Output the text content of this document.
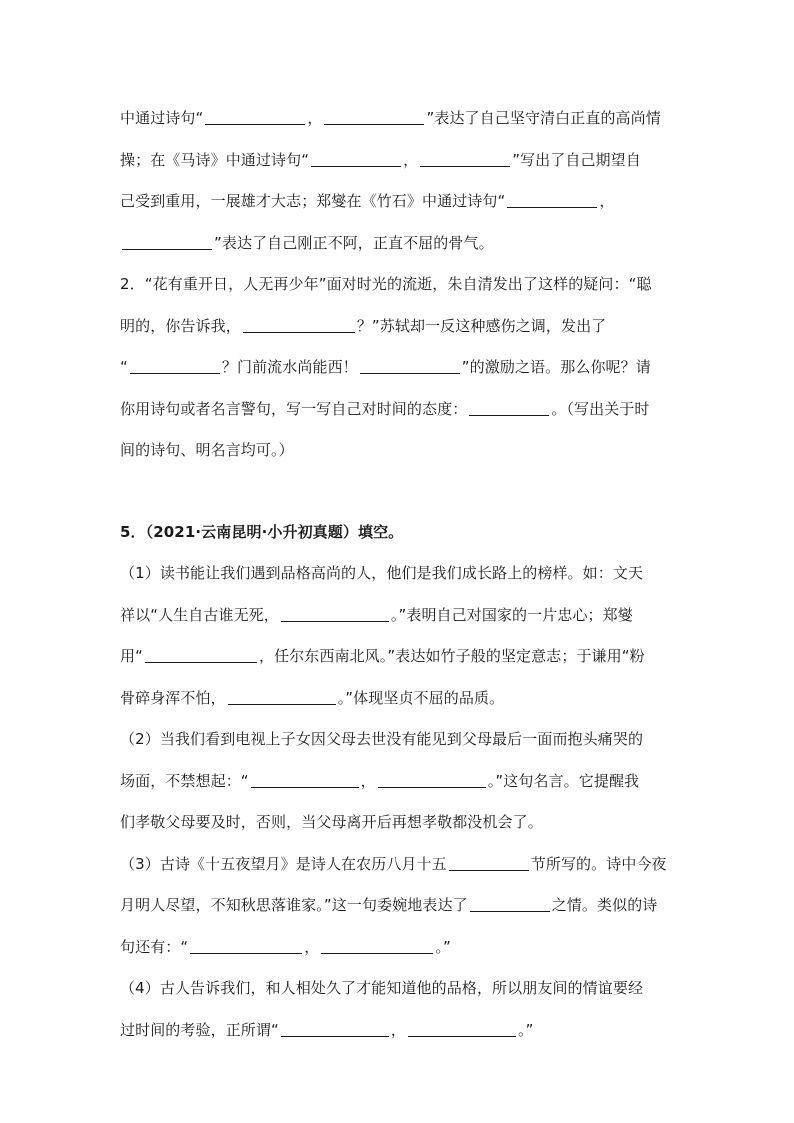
中通过诗句“	，	”表达了自己坚守清白正直的高尚情
操；在《马诗》中通过诗句“	，	”写出了自己期望自
己受到重用，一展雄才大志；郑燮在《竹石》中通过诗句“	，
”表达了自己刚正不阿，正直不屈的骨气。
2．“花有重开日，人无再少年”面对时光的流逝，朱自清发出了这样的疑问：“聪
明的，你告诉我，	？”苏轼却一反这种感伤之调，发出了
“	？门前流水尚能西！	”的激励之语。那么你呢？请
你用诗句或者名言警句，写一写自己对时间的态度：	。（写出关于时
间的诗句、明名言均可。）
5．（2021·云南昆明·小升初真题）填空。
（1）读书能让我们遇到品格高尚的人，他们是我们成长路上的榜样。如：文天
祥以“人生自古谁无死，	。”表明自己对国家的一片忠心；郑燮
用“	，任尔东西南北风。”表达如竹子般的坚定意志；于谦用“粉
骨碎身浑不怕，	。”体现坚贞不屈的品质。
（2）当我们看到电视上子女因父母去世没有能见到父母最后一面而抱头痛哭的
场面，不禁想起：“	，	。”这句名言。它提醒我
们孝敬父母要及时，否则，当父母离开后再想孝敬都没机会了。
（3）古诗《十五夜望月》是诗人在农历八月十五	节所写的。诗中今夜
月明人尽望，不知秋思落谁家。”这一句委婉地表达了	之情。类似的诗
句还有：“	，	。”
（4）古人告诉我们，和人相处久了才能知道他的品格，所以朋友间的情谊要经
过时间的考验，正所谓“	，	。”
